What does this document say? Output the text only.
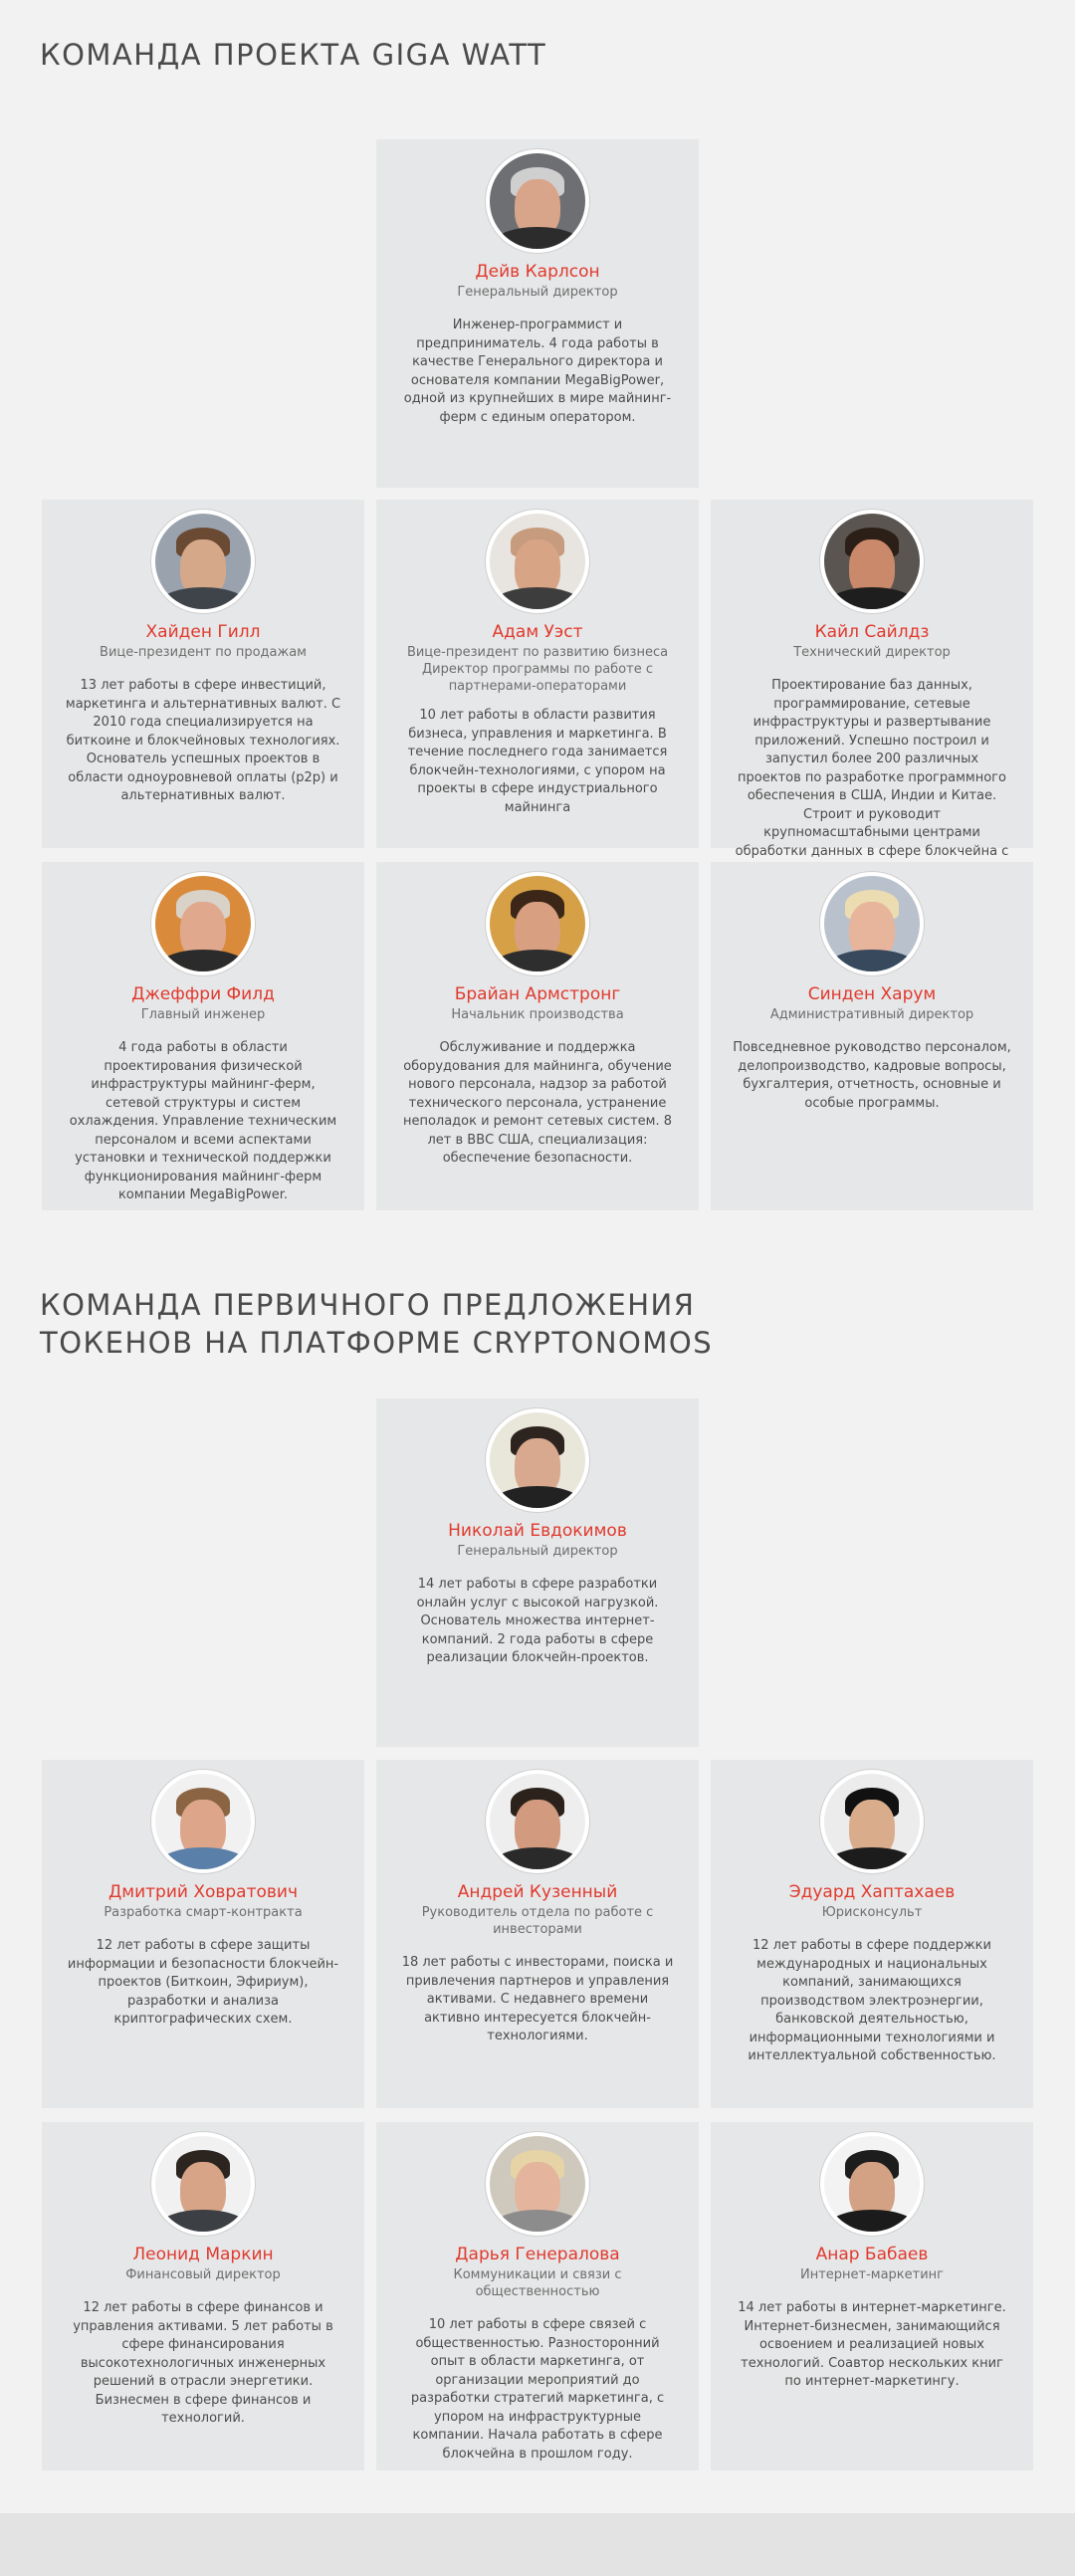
КОМАНДА ПРОЕКТА GIGA WATT
Дейв Карлсон
Генеральный директор
Инженер-программист и предприниматель. 4 года работы в качестве Генерального директора и основателя компании MegaBigPower, одной из крупнейших в мире майнинг-ферм с единым оператором.
Хайден Гилл
Вице-президент по продажам
13 лет работы в сфере инвестиций, маркетинга и альтернативных валют. С 2010 года специализируется на биткоине и блокчейновых технологиях. Основатель успешных проектов в области одноуровневой оплаты (p2p) и альтернативных валют.
Адам Уэст
Вице-президент по развитию бизнеса Директор программы по работе с партнерами-операторами
10 лет работы в области развития бизнеса, управления и маркетинга. В течение последнего года занимается блокчейн-технологиями, с упором на проекты в сфере индустриального майнинга
Кайл Сайлдз
Технический директор
Проектирование баз данных, программирование, сетевые инфраструктуры и развертывание приложений. Успешно построил и запустил более 200 различных проектов по разработке программного обеспечения в США, Индии и Китае. Строит и руководит крупномасштабными центрами обработки данных в сфере блокчейна с
Джеффри Филд
Главный инженер
4 года работы в области проектирования физической инфраструктуры майнинг-ферм, сетевой структуры и систем охлаждения. Управление техническим персоналом и всеми аспектами установки и технической поддержки функционирования майнинг-ферм компании MegaBigPower.
Брайан Армстронг
Начальник производства
Обслуживание и поддержка оборудования для майнинга, обучение нового персонала, надзор за работой технического персонала, устранение неполадок и ремонт сетевых систем. 8 лет в ВВС США, специализация: обеспечение безопасности.
Синден Харум
Административный директор
Повседневное руководство персоналом, делопроизводство, кадровые вопросы, бухгалтерия, отчетность, основные и особые программы.
КОМАНДА ПЕРВИЧНОГО ПРЕДЛОЖЕНИЯ
ТОКЕНОВ НА ПЛАТФОРМЕ CRYPTONOMOS
Николай Евдокимов
Генеральный директор
14 лет работы в сфере разработки онлайн услуг с высокой нагрузкой. Основатель множества интернет-компаний. 2 года работы в сфере реализации блокчейн-проектов.
Дмитрий Ховратович
Разработка смарт-контракта
12 лет работы в сфере защиты информации и безопасности блокчейн-проектов (Биткоин, Эфириум), разработки и анализа криптографических схем.
Андрей Кузенный
Руководитель отдела по работе с инвесторами
18 лет работы с инвесторами, поиска и привлечения партнеров и управления активами. С недавнего времени активно интересуется блокчейн-технологиями.
Эдуард Хаптахаев
Юрисконсульт
12 лет работы в сфере поддержки международных и национальных компаний, занимающихся производством электроэнергии, банковской деятельностью, информационными технологиями и интеллектуальной собственностью.
Леонид Маркин
Финансовый директор
12 лет работы в сфере финансов и управления активами. 5 лет работы в сфере финансирования высокотехнологичных инженерных решений в отрасли энергетики. Бизнесмен в сфере финансов и технологий.
Дарья Генералова
Коммуникации и связи с общественностью
10 лет работы в сфере связей с общественностью. Разносторонний опыт в области маркетинга, от организации мероприятий до разработки стратегий маркетинга, с упором на инфраструктурные компании. Начала работать в сфере блокчейна в прошлом году.
Анар Бабаев
Интернет-маркетинг
14 лет работы в интернет-маркетинге. Интернет-бизнесмен, занимающийся освоением и реализацией новых технологий. Соавтор нескольких книг по интернет-маркетингу.
